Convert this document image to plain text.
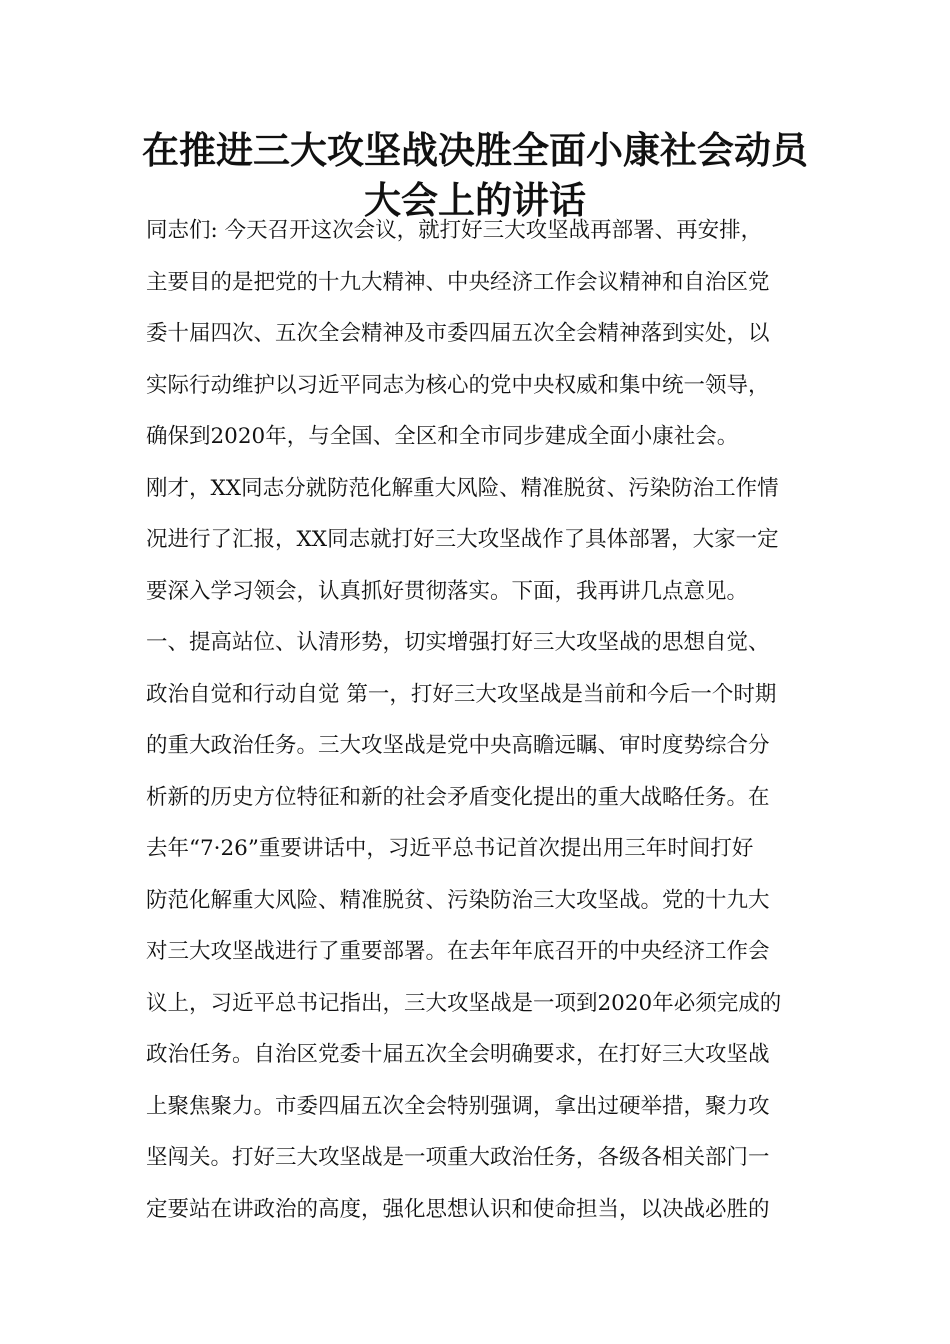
在推进三大攻坚战决胜全面小康社会动员
大会上的讲话
同志们: 今天召开这次会议，就打好三大攻坚战再部署、再安排，
主要目的是把党的十九大精神、中央经济工作会议精神和自治区党
委十届四次、五次全会精神及市委四届五次全会精神落到实处，以
实际行动维护以习近平同志为核心的党中央权威和集中统一领导，
确保到2020年，与全国、全区和全市同步建成全面小康社会。
刚才，XX同志分就防范化解重大风险、精准脱贫、污染防治工作情
况进行了汇报，XX同志就打好三大攻坚战作了具体部署，大家一定
要深入学习领会，认真抓好贯彻落实。下面，我再讲几点意见。
一、提高站位、认清形势，切实增强打好三大攻坚战的思想自觉、
政治自觉和行动自觉 第一，打好三大攻坚战是当前和今后一个时期
的重大政治任务。三大攻坚战是党中央高瞻远瞩、审时度势综合分
析新的历史方位特征和新的社会矛盾变化提出的重大战略任务。在
去年“7·26”重要讲话中，习近平总书记首次提出用三年时间打好
防范化解重大风险、精准脱贫、污染防治三大攻坚战。党的十九大
对三大攻坚战进行了重要部署。在去年年底召开的中央经济工作会
议上，习近平总书记指出，三大攻坚战是一项到2020年必须完成的
政治任务。自治区党委十届五次全会明确要求，在打好三大攻坚战
上聚焦聚力。市委四届五次全会特别强调，拿出过硬举措，聚力攻
坚闯关。打好三大攻坚战是一项重大政治任务，各级各相关部门一
定要站在讲政治的高度，强化思想认识和使命担当，以决战必胜的
